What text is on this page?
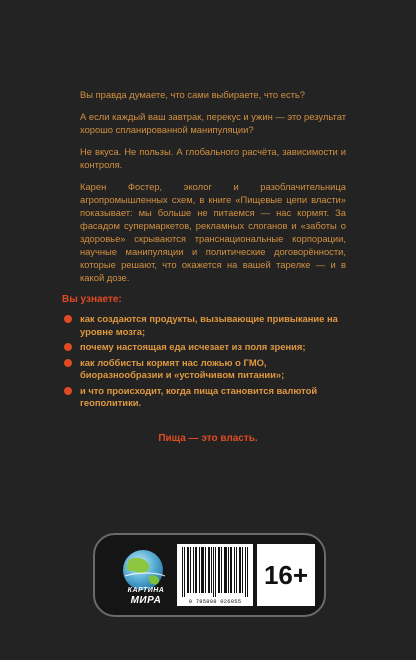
Вы правда думаете, что сами выбираете, что есть?

А если каждый ваш завтрак, перекус и ужин — это результат хорошо спланированной манипуляции?

Не вкуса. Не пользы. А глобального расчёта, зависимости и контроля.

Карен Фостер, эколог и разоблачительница агропромышленных схем, в книге «Пищевые цепи власти» показывает: мы больше не питаемся — нас кормят. За фасадом супермаркетов, рекламных слоганов и «заботы о здоровье» скрываются транснациональные корпорации, научные манипуляции и политические договорённости, которые решают, что окажется на вашей тарелке — и в какой дозе.

Вы узнаете:
как создаются продукты, вызывающие привыкание на уровне мозга;
почему настоящая еда исчезает из поля зрения;
как лоббисты кормят нас ложью о ГМО, биоразнообразии и «устойчивом питании»;
и что происходит, когда пища становится валютой геополитики.
Пища — это власть.
КАРТИНА
МИРА	9 785908 026055
16+
